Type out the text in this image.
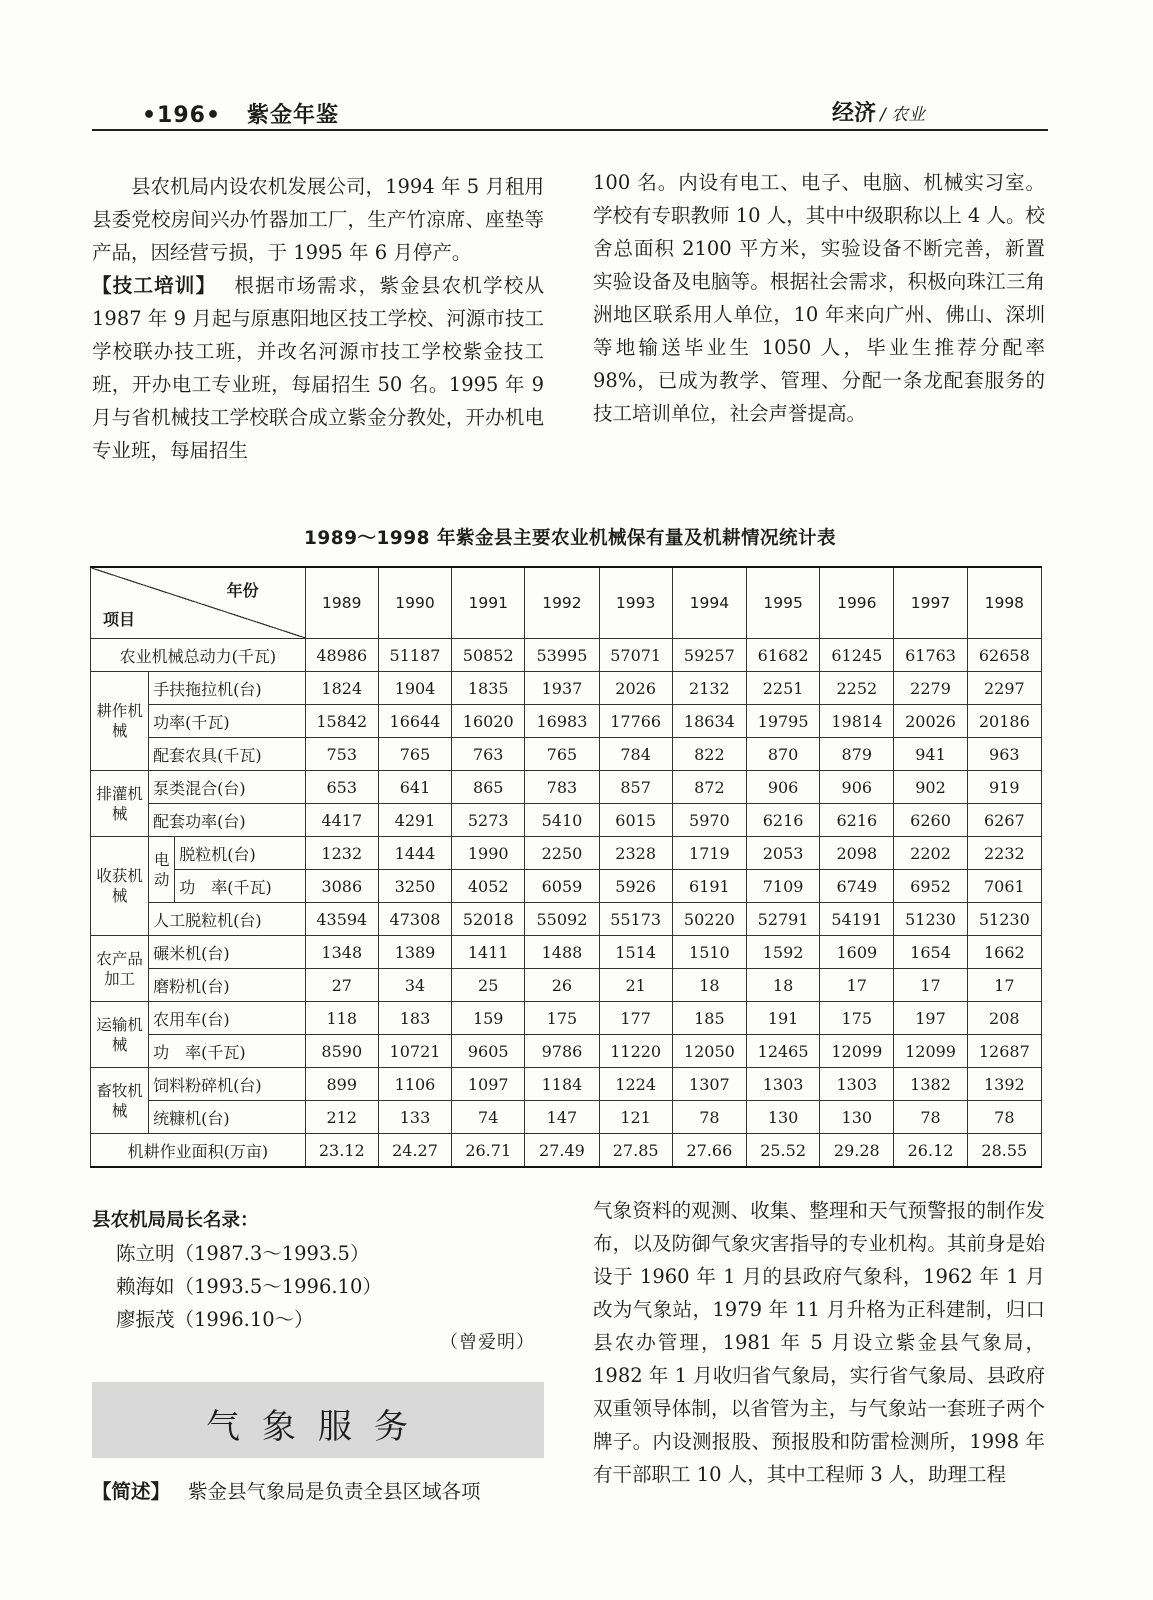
•196• 紫金年鉴	经济 / 农业

县农机局内设农机发展公司，1994 年 5 月租用县委党校房间兴办竹器加工厂，生产竹凉席、座垫等产品，因经营亏损，于 1995 年 6 月停产。

【技工培训】 根据市场需求，紫金县农机学校从 1987 年 9 月起与原惠阳地区技工学校、河源市技工学校联办技工班，并改名河源市技工学校紫金技工班，开办电工专业班，每届招生 50 名。1995 年 9 月与省机械技工学校联合成立紫金分教处，开办机电专业班，每届招生

100 名。内设有电工、电子、电脑、机械实习室。学校有专职教师 10 人，其中中级职称以上 4 人。校舍总面积 2100 平方米，实验设备不断完善，新置实验设备及电脑等。根据社会需求，积极向珠江三角洲地区联系用人单位，10 年来向广州、佛山、深圳等地输送毕业生 1050 人，毕业生推荐分配率 98%，已成为教学、管理、分配一条龙配套服务的技工培训单位，社会声誉提高。

1989～1998 年紫金县主要农业机械保有量及机耕情况统计表
年份
项目			1989	1990	1991	1992	1993	1994	1995	1996	1997	1998
农业机械总动力(千瓦)			48986	51187	50852	53995	57071	59257	61682	61245	61763	62658
耕作机械	手扶拖拉机(台)		1824	1904	1835	1937	2026	2132	2251	2252	2279	2297
	功率(千瓦)		15842	16644	16020	16983	17766	18634	19795	19814	20026	20186
	配套农具(千瓦)		753	765	763	765	784	822	870	879	941	963
排灌机械	泵类混合(台)		653	641	865	783	857	872	906	906	902	919
	配套功率(台)		4417	4291	5273	5410	6015	5970	6216	6216	6260	6267
收获机械	电动	脱粒机(台)	1232	1444	1990	2250	2328	1719	2053	2098	2202	2232
		功　率(千瓦)	3086	3250	4052	6059	5926	6191	7109	6749	6952	7061
	人工脱粒机(台)		43594	47308	52018	55092	55173	50220	52791	54191	51230	51230
农产品加工	碾米机(台)		1348	1389	1411	1488	1514	1510	1592	1609	1654	1662
	磨粉机(台)		27	34	25	26	21	18	18	17	17	17
运输机械	农用车(台)		118	183	159	175	177	185	191	175	197	208
	功　率(千瓦)		8590	10721	9605	9786	11220	12050	12465	12099	12099	12687
畜牧机械	饲料粉碎机(台)		899	1106	1097	1184	1224	1307	1303	1303	1382	1392
	统糠机(台)		212	133	74	147	121	78	130	130	78	78
机耕作业面积(万亩)			23.12	24.27	26.71	27.49	27.85	27.66	25.52	29.28	26.12	28.55
县农机局局长名录：
陈立明（1987.3～1993.5）
赖海如（1993.5～1996.10）
廖振茂（1996.10～）
（曾爱明）
气象服务
【简述】 紫金县气象局是负责全县区域各项

气象资料的观测、收集、整理和天气预警报的制作发布，以及防御气象灾害指导的专业机构。其前身是始设于 1960 年 1 月的县政府气象科，1962 年 1 月改为气象站，1979 年 11 月升格为正科建制，归口县农办管理，1981 年 5 月设立紫金县气象局，1982 年 1 月收归省气象局，实行省气象局、县政府双重领导体制，以省管为主，与气象站一套班子两个牌子。内设测报股、预报股和防雷检测所，1998 年有干部职工 10 人，其中工程师 3 人，助理工程
